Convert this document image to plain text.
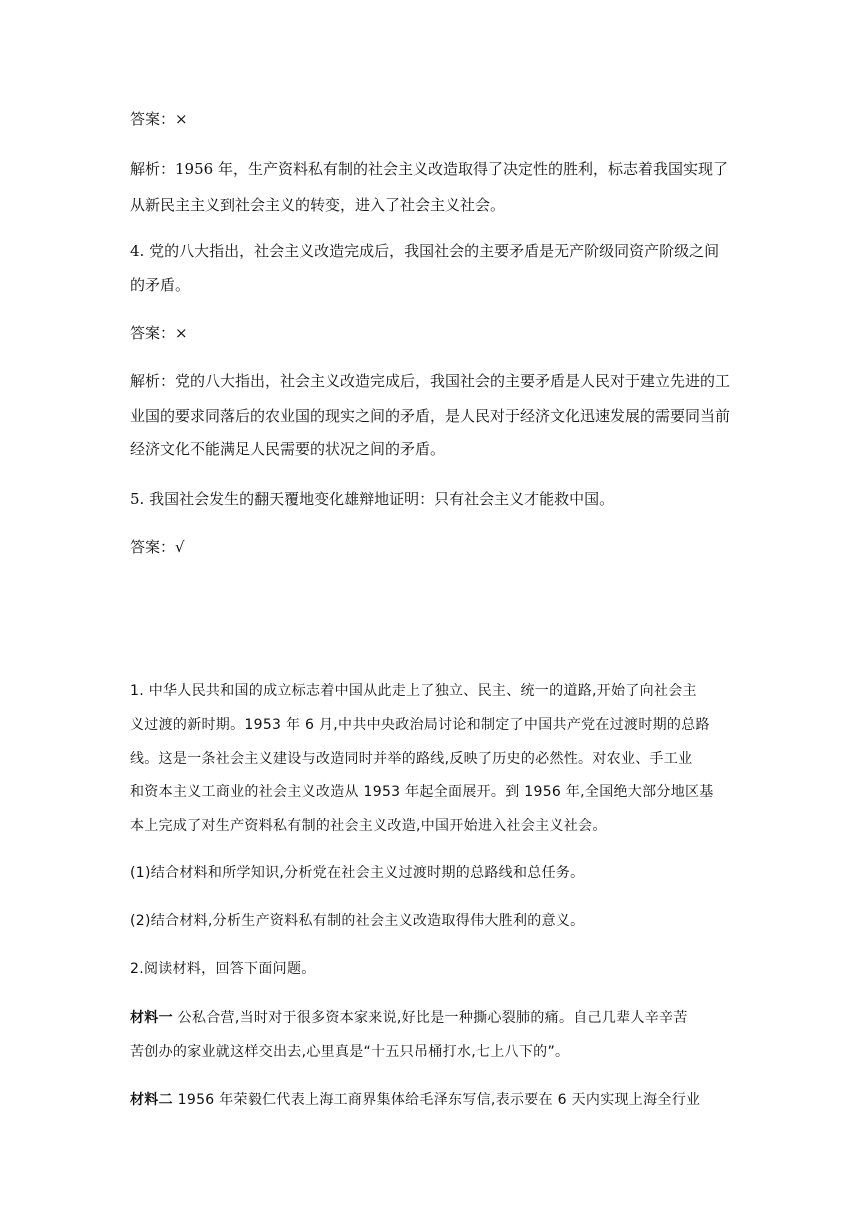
答案：×
解析：1956 年，生产资料私有制的社会主义改造取得了决定性的胜利，标志着我国实现了
从新民主主义到社会主义的转变，进入了社会主义社会。
4. 党的八大指出，社会主义改造完成后，我国社会的主要矛盾是无产阶级同资产阶级之间
的矛盾。
答案：×
解析：党的八大指出，社会主义改造完成后，我国社会的主要矛盾是人民对于建立先进的工
业国的要求同落后的农业国的现实之间的矛盾，是人民对于经济文化迅速发展的需要同当前
经济文化不能满足人民需要的状况之间的矛盾。
5. 我国社会发生的翻天覆地变化雄辩地证明：只有社会主义才能救中国。
答案：√
1. 中华人民共和国的成立标志着中国从此走上了独立、民主、统一的道路,开始了向社会主
义过渡的新时期。1953 年 6 月,中共中央政治局讨论和制定了中国共产党在过渡时期的总路
线。这是一条社会主义建设与改造同时并举的路线,反映了历史的必然性。对农业、手工业
和资本主义工商业的社会主义改造从 1953 年起全面展开。到 1956 年,全国绝大部分地区基
本上完成了对生产资料私有制的社会主义改造,中国开始进入社会主义社会。
(1)结合材料和所学知识,分析党在社会主义过渡时期的总路线和总任务。
(2)结合材料,分析生产资料私有制的社会主义改造取得伟大胜利的意义。
2.阅读材料，回答下面问题。
材料一 公私合营,当时对于很多资本家来说,好比是一种撕心裂肺的痛。自己几辈人辛辛苦
苦创办的家业就这样交出去,心里真是“十五只吊桶打水,七上八下的”。
材料二 1956 年荣毅仁代表上海工商界集体给毛泽东写信,表示要在 6 天内实现上海全行业
